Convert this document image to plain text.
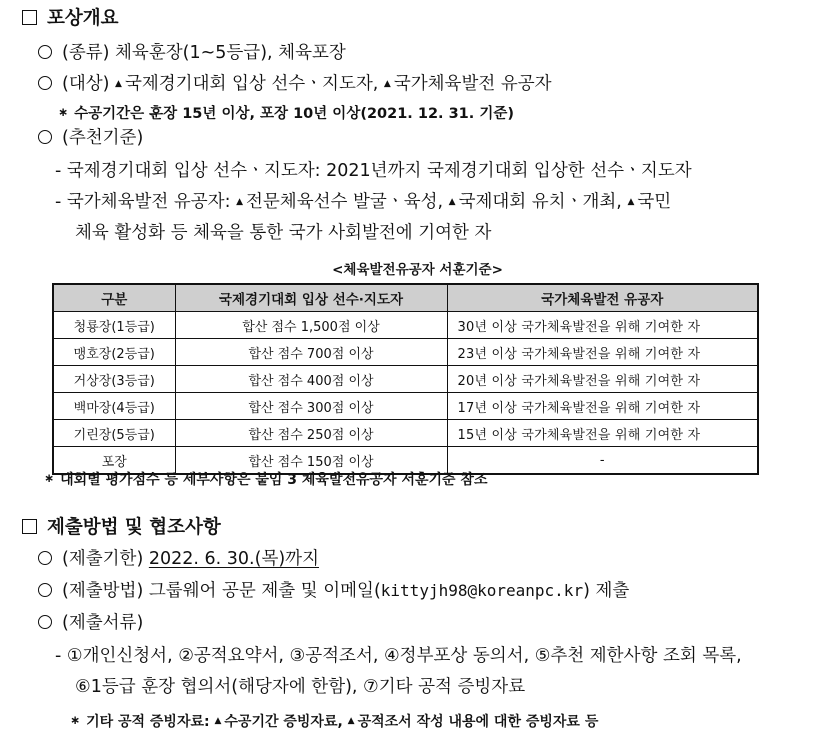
포상개요
(종류) 체육훈장(1~5등급), 체육포장
(대상) ▲ 국제경기대회 입상 선수ㆍ지도자, ▲ 국가체육발전 유공자
∗ 수공기간은 훈장 15년 이상, 포장 10년 이상(2021. 12. 31. 기준)
(추천기준)
- 국제경기대회 입상 선수ㆍ지도자: 2021년까지 국제경기대회 입상한 선수ㆍ지도자
- 국가체육발전 유공자: ▲ 전문체육선수 발굴ㆍ육성, ▲ 국제대회 유치ㆍ개최, ▲ 국민
체육 활성화 등 체육을 통한 국가 사회발전에 기여한 자
<체육발전유공자 서훈기준>
구분	국제경기대회 입상 선수·지도자	국가체육발전 유공자
청룡장(1등급)	합산 점수 1,500점 이상	30년 이상 국가체육발전을 위해 기여한 자
맹호장(2등급)	합산 점수 700점 이상	23년 이상 국가체육발전을 위해 기여한 자
거상장(3등급)	합산 점수 400점 이상	20년 이상 국가체육발전을 위해 기여한 자
백마장(4등급)	합산 점수 300점 이상	17년 이상 국가체육발전을 위해 기여한 자
기린장(5등급)	합산 점수 250점 이상	15년 이상 국가체육발전을 위해 기여한 자
포장	합산 점수 150점 이상	-
∗ 대회별 평가점수 등 세부사항은 붙임 3 체육발전유공자 서훈기준 참조
제출방법 및 협조사항
(제출기한) 2022. 6. 30.(목)까지
(제출방법) 그룹웨어 공문 제출 및 이메일(kittyjh98@koreanpc.kr) 제출
(제출서류)
- ①개인신청서, ②공적요약서, ③공적조서, ④정부포상 동의서, ⑤추천 제한사항 조회 목록,
⑥1등급 훈장 협의서(해당자에 한함), ⑦기타 공적 증빙자료
∗ 기타 공적 증빙자료: ▲ 수공기간 증빙자료, ▲ 공적조서 작성 내용에 대한 증빙자료 등
